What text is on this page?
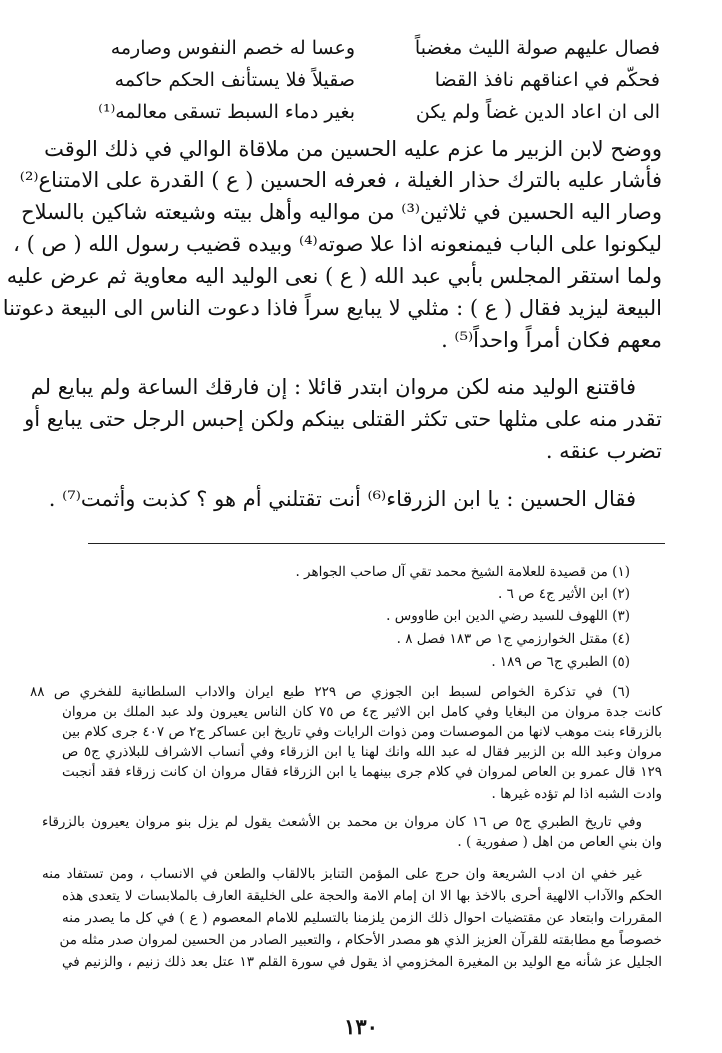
فصال عليهم صولة الليث مغضباً
وعسا له خصم النفوس وصارمه
فحكّم في اعناقهم نافذ القضا
صقيلاً فلا يستأنف الحكم حاكمه
الى ان اعاد الدين غضاً ولم يكن
بغير دماء السبط تسقى معالمه⁽¹⁾
ووضح لابن الزبير ما عزم عليه الحسين من ملاقاة الوالي في ذلك الوقت
فأشار عليه بالترك حذار الغيلة ، فعرفه الحسين ( ع ) القدرة على الامتناع⁽²⁾
وصار اليه الحسين في ثلاثين⁽³⁾ من مواليه وأهل بيته وشيعته شاكين بالسلاح
ليكونوا على الباب فيمنعونه اذا علا صوته⁽⁴⁾ وبيده قضيب رسول الله ( ص ) ،
ولما استقر المجلس بأبي عبد الله ( ع ) نعى الوليد اليه معاوية ثم عرض عليه
البيعة ليزيد فقال ( ع ) : مثلي لا يبايع سراً فاذا دعوت الناس الى البيعة دعوتنا
معهم فكان أمراً واحداً⁽⁵⁾ .
فاقتنع الوليد منه لكن مروان ابتدر قائلا : إن فارقك الساعة ولم يبايع لم
تقدر منه على مثلها حتى تكثر القتلى بينكم ولكن إحبس الرجل حتى يبايع أو
تضرب عنقه .
فقال الحسين : يا ابن الزرقاء⁽⁶⁾ أنت تقتلني أم هو ؟ كذبت وأثمت⁽⁷⁾ .
(١) من قصيدة للعلامة الشيخ محمد تقي آل صاحب الجواهر .
(٢) ابن الأثير ج٤ ص ٦ .
(٣) اللهوف للسيد رضي الدين ابن طاووس .
(٤) مقتل الخوارزمي ج١ ص ١٨٣ فصل ٨ .
(٥) الطبري ج٦ ص ١٨٩ .
(٦) في تذكرة الخواص لسبط ابن الجوزي ص ٢٢٩ طبع ايران والاداب السلطانية للفخري ص ٨٨
كانت جدة مروان من البغايا وفي كامل ابن الاثير ج٤ ص ٧٥ كان الناس يعيرون ولد عبد الملك بن مروان
بالزرقاء بنت موهب لانها من الموصسات ومن ذوات الرايات وفي تاريخ ابن عساكر ج٢ ص ٤٠٧ جرى كلام بين
مروان وعبد الله بن الزبير فقال له عبد الله وانك لهنا يا ابن الزرقاء وفي أنساب الاشراف للبلاذري ج٥ ص
١٢٩ قال عمرو بن العاص لمروان في كلام جرى بينهما يا ابن الزرقاء فقال مروان ان كانت زرقاء فقد أنجبت
وادت الشبه اذا لم تؤده غيرها .
وفي تاريخ الطبري ج٥ ص ١٦ كان مروان بن محمد بن الأشعث يقول لم يزل بنو مروان يعيرون بالزرقاء
وان بني العاص من اهل ( صفورية ) .
غير خفي ان ادب الشريعة وان حرج على المؤمن التنابز بالالقاب والطعن في الانساب ، ومن تستفاد منه
الحكم والآداب الالهية أحرى بالاخذ بها الا ان إمام الامة والحجة على الخليقة العارف بالملابسات لا يتعدى هذه
المقررات وابتعاد عن مقتضيات احوال ذلك الزمن يلزمنا بالتسليم للامام المعصوم ( ع ) في كل ما يصدر منه
خصوصاً مع مطابقته للقرآن العزيز الذي هو مصدر الأحكام ، والتعبير الصادر من الحسين لمروان صدر مثله من
الجليل عز شأنه مع الوليد بن المغيرة المخزومي اذ يقول في سورة القلم ١٣ عتل بعد ذلك زنيم ، والزنيم في
١٣٠
